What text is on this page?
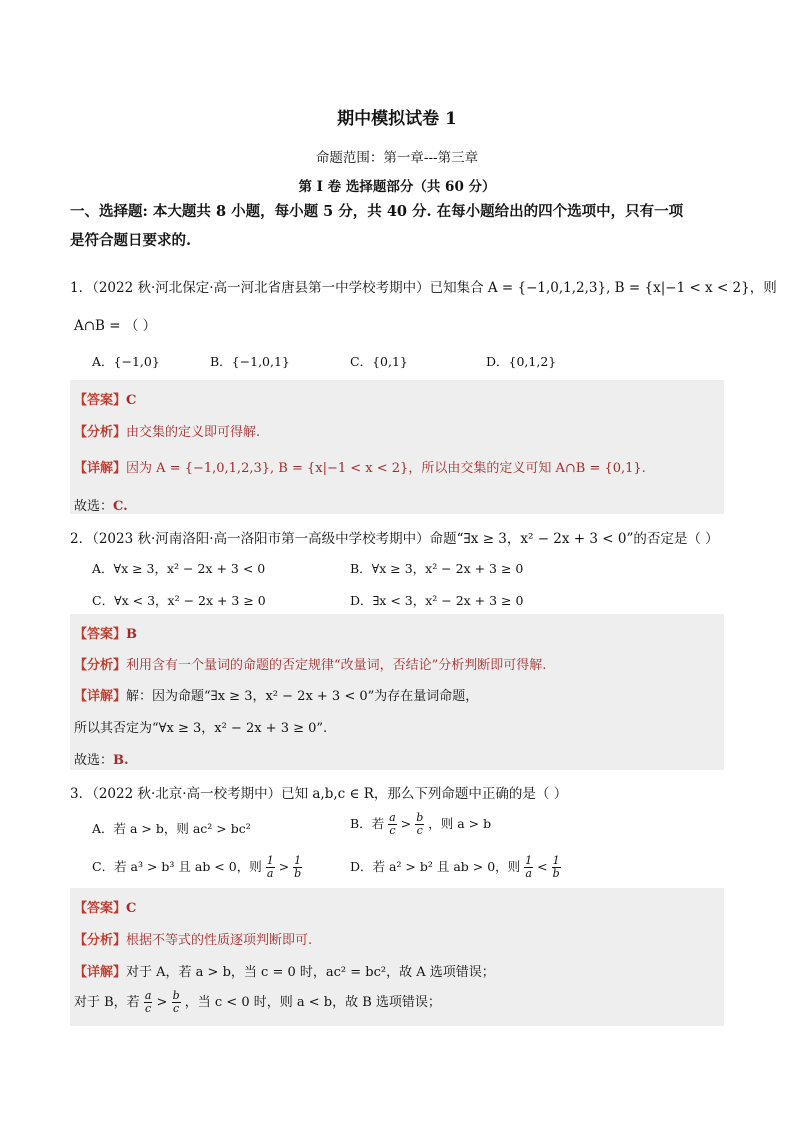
期中模拟试卷 1
命题范围：第一章---第三章
第 I 卷 选择题部分（共 60 分）
一、选择题: 本大题共 8 小题，每小题 5 分，共 40 分. 在每小题给出的四个选项中，只有一项
是符合题日要求的.
1．（2022 秋·河北保定·高一河北省唐县第一中学校考期中）已知集合 A = {−1,0,1,2,3}, B = {x|−1 < x < 2}，则
A∩B = （ ）
A．{−1,0}	B．{−1,0,1}	C．{0,1}	D．{0,1,2}
【答案】C
【分析】由交集的定义即可得解.
【详解】因为 A = {−1,0,1,2,3}, B = {x|−1 < x < 2}，所以由交集的定义可知 A∩B = {0,1}.
故选：C.
2．（2023 秋·河南洛阳·高一洛阳市第一高级中学校考期中）命题“∃x ≥ 3，x² − 2x + 3 < 0”的否定是（ ）
A．∀x ≥ 3，x² − 2x + 3 < 0	B．∀x ≥ 3，x² − 2x + 3 ≥ 0
C．∀x < 3，x² − 2x + 3 ≥ 0	D．∃x < 3，x² − 2x + 3 ≥ 0
【答案】B
【分析】利用含有一个量词的命题的否定规律“改量词，否结论”分析判断即可得解.
【详解】解：因为命题“∃x ≥ 3，x² − 2x + 3 < 0”为存在量词命题，
所以其否定为“∀x ≥ 3，x² − 2x + 3 ≥ 0”.
故选：B.
3．（2022 秋·北京·高一校考期中）已知 a,b,c ∈ R，那么下列命题中正确的是（ ）
A．若 a > b，则 ac² > bc²	B．若 $\frac{a}{c} > \frac{b}{c}$ ，则 a > b
C．若 a³ > b³ 且 ab < 0，则 $\frac{1}{a} > \frac{1}{b}$	D．若 a² > b² 且 ab > 0，则 $\frac{1}{a} < \frac{1}{b}$
【答案】C
【分析】根据不等式的性质逐项判断即可.
【详解】对于 A，若 a > b，当 c = 0 时，ac² = bc²，故 A 选项错误；
对于 B，若 $\frac{a}{c} > \frac{b}{c}$ ，当 c < 0 时，则 a < b，故 B 选项错误；
